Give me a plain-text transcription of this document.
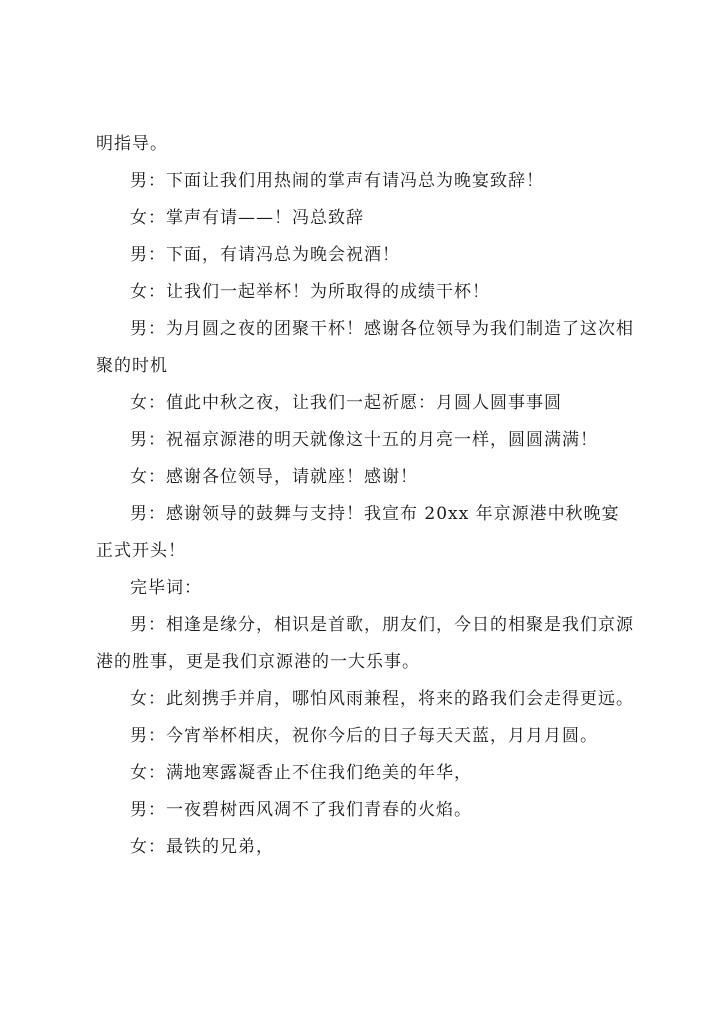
明指导。

男：下面让我们用热闹的掌声有请冯总为晚宴致辞！

女：掌声有请——！冯总致辞

男：下面，有请冯总为晚会祝酒！

女：让我们一起举杯！为所取得的成绩干杯！

男：为月圆之夜的团聚干杯！感谢各位领导为我们制造了这次相聚的时机

女：值此中秋之夜，让我们一起祈愿：月圆人圆事事圆

男：祝福京源港的明天就像这十五的月亮一样，圆圆满满！

女：感谢各位领导，请就座！感谢！

男：感谢领导的鼓舞与支持！我宣布 20xx 年京源港中秋晚宴正式开头！

完毕词：

男：相逢是缘分，相识是首歌，朋友们，今日的相聚是我们京源港的胜事，更是我们京源港的一大乐事。

女：此刻携手并肩，哪怕风雨兼程，将来的路我们会走得更远。

男：今宵举杯相庆，祝你今后的日子每天天蓝，月月月圆。

女：满地寒露凝香止不住我们绝美的年华，

男：一夜碧树西风凋不了我们青春的火焰。

女：最铁的兄弟，
